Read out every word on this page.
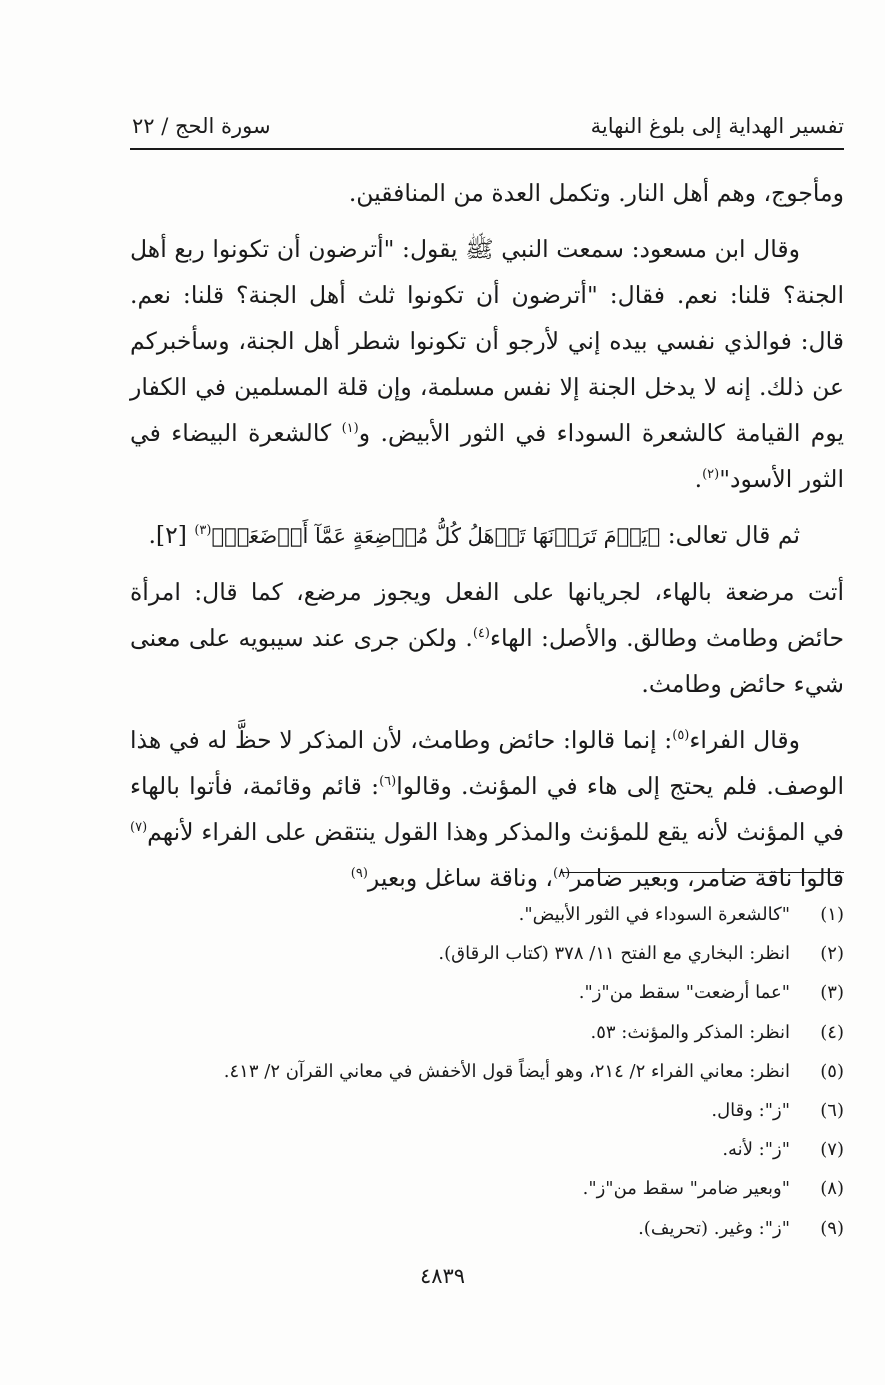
تفسير الهداية إلى بلوغ النهاية
سورة الحج / ٢٢

ومأجوج، وهم أهل النار. وتكمل العدة من المنافقين.

وقال ابن مسعود: سمعت النبي ﷺ يقول: "أترضون أن تكونوا ربع أهل الجنة؟ قلنا: نعم. فقال: "أترضون أن تكونوا ثلث أهل الجنة؟ قلنا: نعم. قال: فوالذي نفسي بيده إني لأرجو أن تكونوا شطر أهل الجنة، وسأخبركم عن ذلك. إنه لا يدخل الجنة إلا نفس مسلمة، وإن قلة المسلمين في الكفار يوم القيامة كالشعرة السوداء في الثور الأبيض. و$^{(١)}$ كالشعرة البيضاء في الثور الأسود"$^{(٢)}$.

ثم قال تعالى: ﴿يَوۡمَ تَرَوۡنَهَا تَذۡهَلُ كُلُّ مُرۡضِعَةٍ عَمَّآ أَرۡضَعَتۡ﴾$^{(٣)}$ [٢].

أتت مرضعة بالهاء، لجريانها على الفعل ويجوز مرضع، كما قال: امرأة حائض وطامث وطالق. والأصل: الهاء$^{(٤)}$. ولكن جرى عند سيبويه على معنى شيء حائض وطامث.

وقال الفراء$^{(٥)}$: إنما قالوا: حائض وطامث، لأن المذكر لا حظَّ له في هذا الوصف. فلم يحتج إلى هاء في المؤنث. وقالوا$^{(٦)}$: قائم وقائمة، فأتوا بالهاء في المؤنث لأنه يقع للمؤنث والمذكر وهذا القول ينتقض على الفراء لأنهم$^{(٧)}$ قالوا ناقة ضامر، وبعير ضامر$^{(٨)}$، وناقة ساغل وبعير$^{(٩)}$

(١)
"كالشعرة السوداء في الثور الأبيض".
(٢)
انظر: البخاري مع الفتح ١١/ ٣٧٨ (كتاب الرقاق).
(٣)
"عما أرضعت" سقط من"ز".
(٤)
انظر: المذكر والمؤنث: ٥٣.
(٥)
انظر: معاني الفراء ٢/ ٢١٤، وهو أيضاً قول الأخفش في معاني القرآن ٢/ ٤١٣.
(٦)
"ز": وقال.
(٧)
"ز": لأنه.
(٨)
"وبعير ضامر" سقط من"ز".
(٩)
"ز": وغير. (تحريف).
٤٨٣٩
